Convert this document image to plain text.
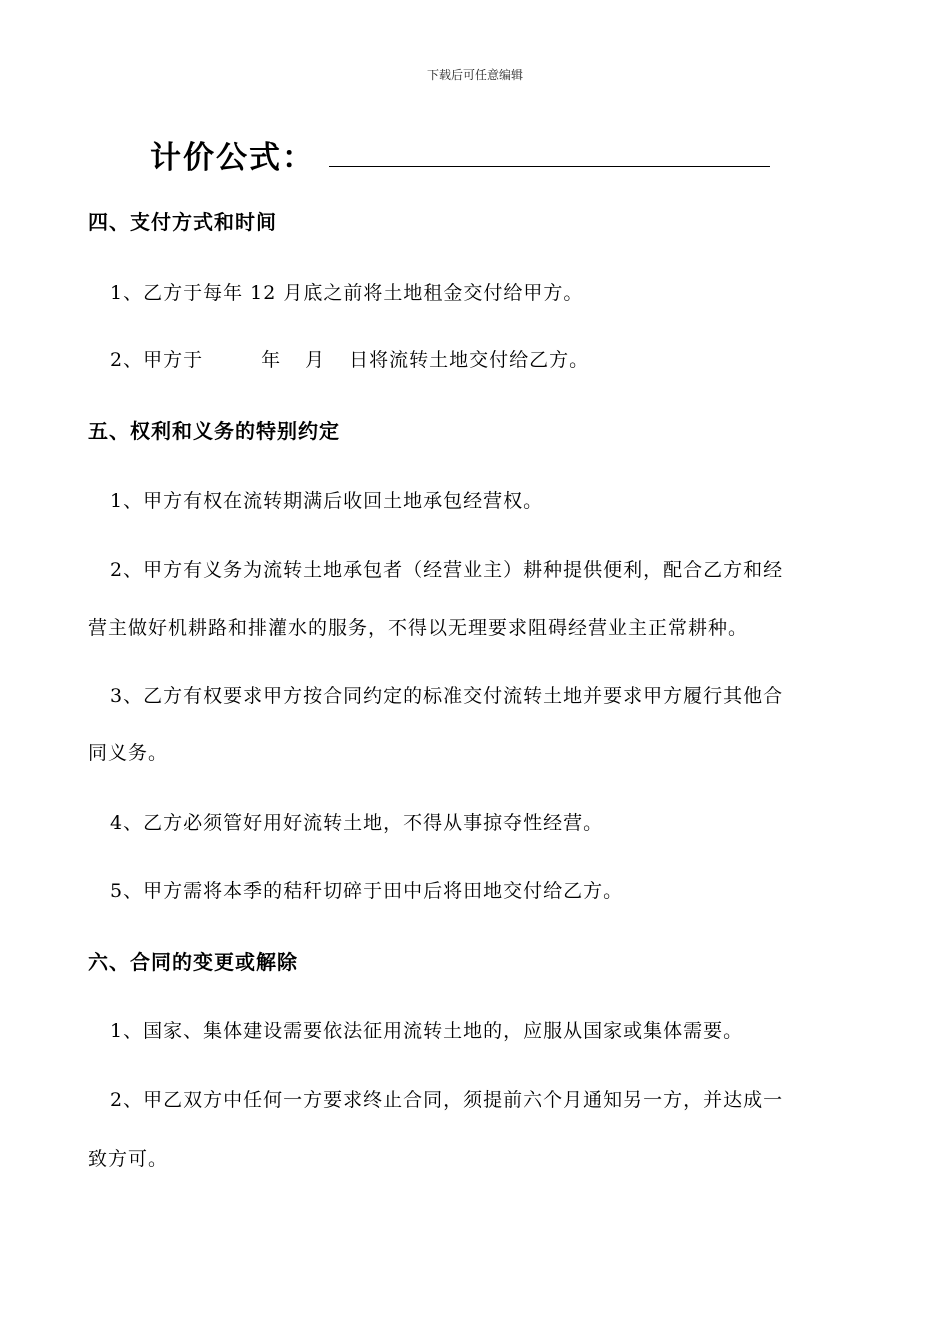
下载后可任意编辑
计价公式：
四、支付方式和时间
1、乙方于每年 12 月底之前将土地租金交付给甲方。
2、甲方于	年 月 日将流转土地交付给乙方。
五、权利和义务的特别约定
1、甲方有权在流转期满后收回土地承包经营权。
2、甲方有义务为流转土地承包者（经营业主）耕种提供便利，配合乙方和经
营主做好机耕路和排灌水的服务，不得以无理要求阻碍经营业主正常耕种。
3、乙方有权要求甲方按合同约定的标准交付流转土地并要求甲方履行其他合
同义务。
4、乙方必须管好用好流转土地，不得从事掠夺性经营。
5、甲方需将本季的秸秆切碎于田中后将田地交付给乙方。
六、合同的变更或解除
1、国家、集体建设需要依法征用流转土地的，应服从国家或集体需要。
2、甲乙双方中任何一方要求终止合同，须提前六个月通知另一方，并达成一
致方可。
